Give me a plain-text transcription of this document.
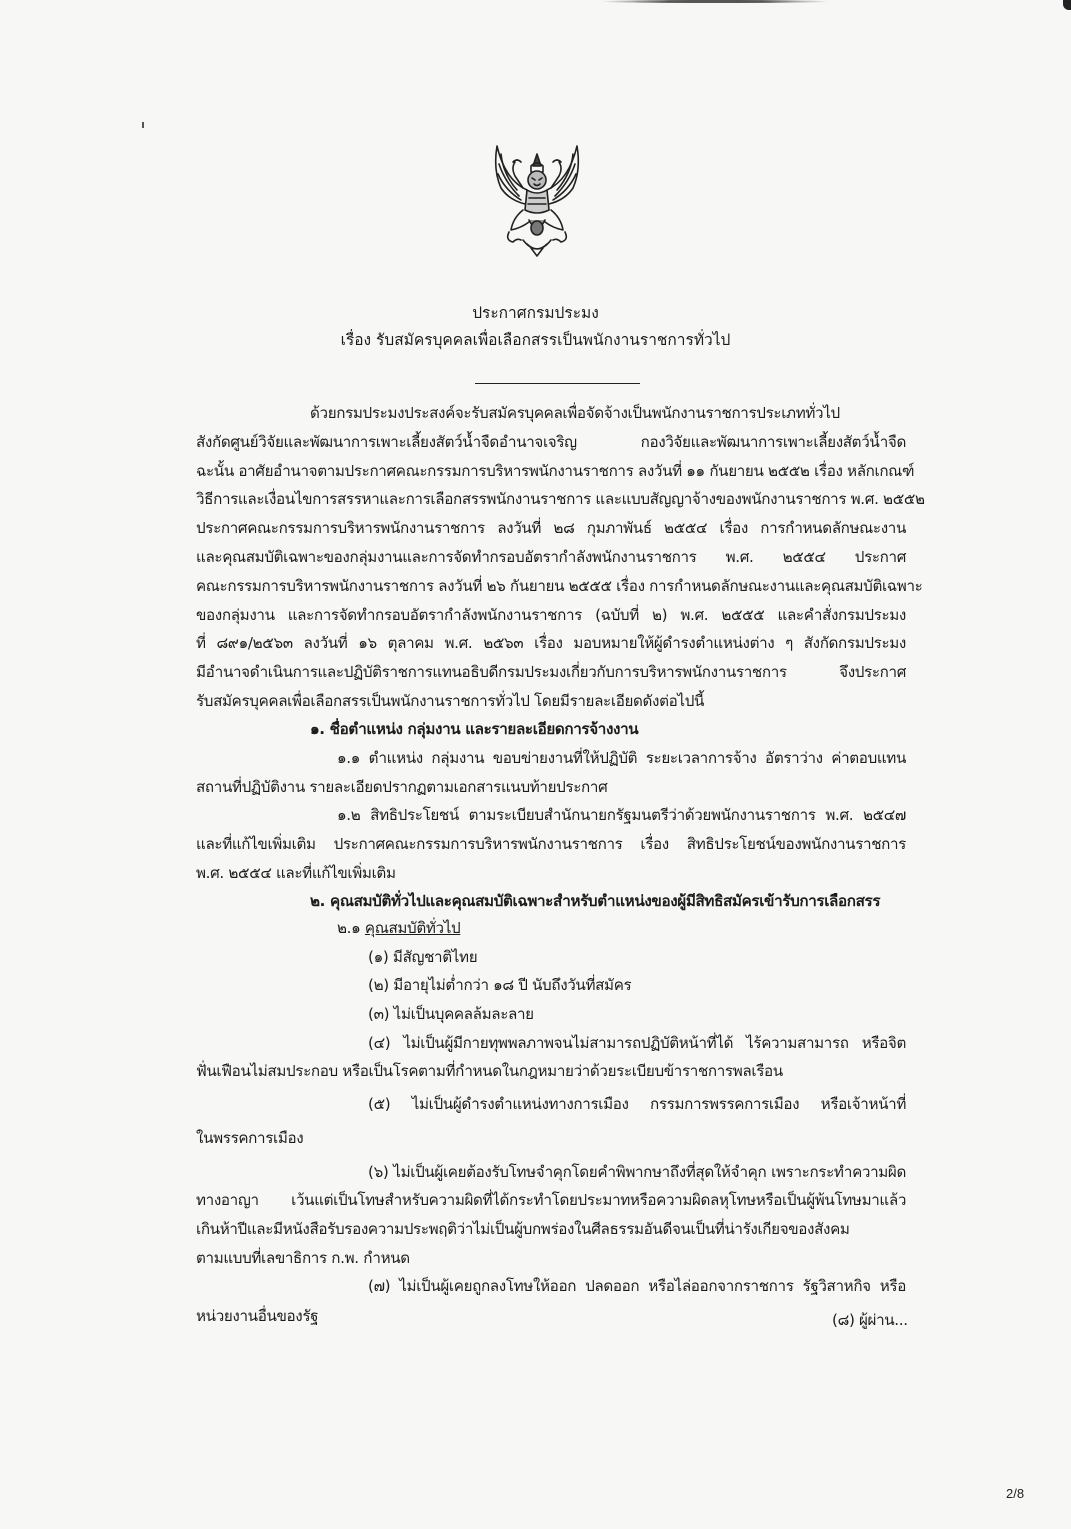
ประกาศกรมประมง
เรื่อง รับสมัครบุคคลเพื่อเลือกสรรเป็นพนักงานราชการทั่วไป
ด้วยกรมประมงประสงค์จะรับสมัครบุคคลเพื่อจัดจ้างเป็นพนักงานราชการประเภททั่วไป
สังกัดศูนย์วิจัยและพัฒนาการเพาะเลี้ยงสัตว์น้ำจืดอำนาจเจริญ กองวิจัยและพัฒนาการเพาะเลี้ยงสัตว์น้ำจืด
ฉะนั้น อาศัยอำนาจตามประกาศคณะกรรมการบริหารพนักงานราชการ ลงวันที่ ๑๑ กันยายน ๒๕๕๒ เรื่อง หลักเกณฑ์
วิธีการและเงื่อนไขการสรรหาและการเลือกสรรพนักงานราชการ และแบบสัญญาจ้างของพนักงานราชการ พ.ศ. ๒๕๕๒
ประกาศคณะกรรมการบริหารพนักงานราชการ ลงวันที่ ๒๘ กุมภาพันธ์ ๒๕๕๔ เรื่อง การกำหนดลักษณะงาน
และคุณสมบัติเฉพาะของกลุ่มงานและการจัดทำกรอบอัตรากำลังพนักงานราชการ พ.ศ. ๒๕๕๔ ประกาศ
คณะกรรมการบริหารพนักงานราชการ ลงวันที่ ๒๖ กันยายน ๒๕๕๕ เรื่อง การกำหนดลักษณะงานและคุณสมบัติเฉพาะ
ของกลุ่มงาน และการจัดทำกรอบอัตรากำลังพนักงานราชการ (ฉบับที่ ๒) พ.ศ. ๒๕๕๕ และคำสั่งกรมประมง
ที่ ๘๙๑/๒๕๖๓ ลงวันที่ ๑๖ ตุลาคม พ.ศ. ๒๕๖๓ เรื่อง มอบหมายให้ผู้ดำรงตำแหน่งต่าง ๆ สังกัดกรมประมง
มีอำนาจดำเนินการและปฏิบัติราชการแทนอธิบดีกรมประมงเกี่ยวกับการบริหารพนักงานราชการ จึงประกาศ
รับสมัครบุคคลเพื่อเลือกสรรเป็นพนักงานราชการทั่วไป โดยมีรายละเอียดดังต่อไปนี้
๑. ชื่อตำแหน่ง กลุ่มงาน และรายละเอียดการจ้างงาน
๑.๑ ตำแหน่ง กลุ่มงาน ขอบข่ายงานที่ให้ปฏิบัติ ระยะเวลาการจ้าง อัตราว่าง ค่าตอบแทน
สถานที่ปฏิบัติงาน รายละเอียดปรากฏตามเอกสารแนบท้ายประกาศ
๑.๒ สิทธิประโยชน์ ตามระเบียบสำนักนายกรัฐมนตรีว่าด้วยพนักงานราชการ พ.ศ. ๒๕๔๗
และที่แก้ไขเพิ่มเติม ประกาศคณะกรรมการบริหารพนักงานราชการ เรื่อง สิทธิประโยชน์ของพนักงานราชการ
พ.ศ. ๒๕๕๔ และที่แก้ไขเพิ่มเติม
๒. คุณสมบัติทั่วไปและคุณสมบัติเฉพาะสำหรับตำแหน่งของผู้มีสิทธิสมัครเข้ารับการเลือกสรร
๒.๑ คุณสมบัติทั่วไป
(๑) มีสัญชาติไทย
(๒) มีอายุไม่ต่ำกว่า ๑๘ ปี นับถึงวันที่สมัคร
(๓) ไม่เป็นบุคคลล้มละลาย
(๔) ไม่เป็นผู้มีกายทุพพลภาพจนไม่สามารถปฏิบัติหน้าที่ได้ ไร้ความสามารถ หรือจิต
ฟั่นเฟือนไม่สมประกอบ หรือเป็นโรคตามที่กำหนดในกฎหมายว่าด้วยระเบียบข้าราชการพลเรือน
(๕) ไม่เป็นผู้ดำรงตำแหน่งทางการเมือง กรรมการพรรคการเมือง หรือเจ้าหน้าที่
ในพรรคการเมือง
(๖) ไม่เป็นผู้เคยต้องรับโทษจำคุกโดยคำพิพากษาถึงที่สุดให้จำคุก เพราะกระทำความผิด
ทางอาญา เว้นแต่เป็นโทษสำหรับความผิดที่ได้กระทำโดยประมาทหรือความผิดลหุโทษหรือเป็นผู้พ้นโทษมาแล้ว
เกินห้าปีและมีหนังสือรับรองความประพฤติว่าไม่เป็นผู้บกพร่องในศีลธรรมอันดีจนเป็นที่น่ารังเกียจของสังคม
ตามแบบที่เลขาธิการ ก.พ. กำหนด
(๗) ไม่เป็นผู้เคยถูกลงโทษให้ออก ปลดออก หรือไล่ออกจากราชการ รัฐวิสาหกิจ หรือ
หน่วยงานอื่นของรัฐ	(๘) ผู้ผ่าน...
2/8
